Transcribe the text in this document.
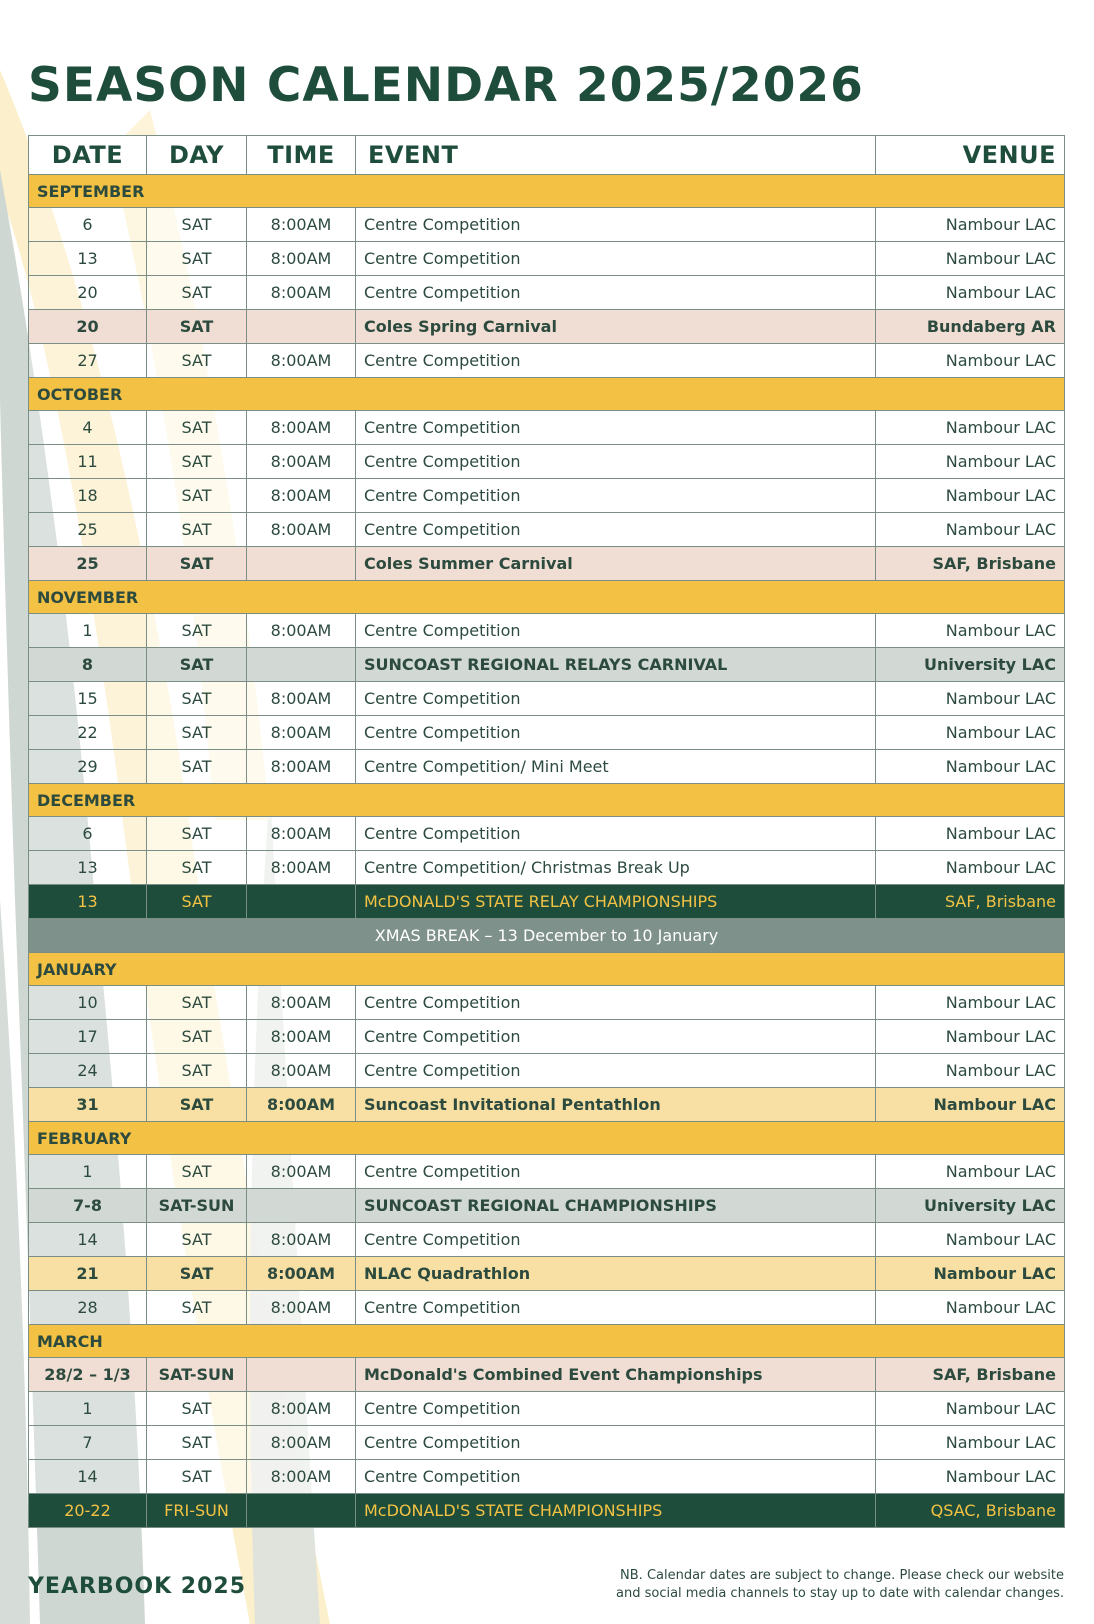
SEASON CALENDAR 2025/2026
DATE	DAY	TIME	EVENT	VENUE
SEPTEMBER				
6	SAT	8:00AM	Centre Competition	Nambour LAC
13	SAT	8:00AM	Centre Competition	Nambour LAC
20	SAT	8:00AM	Centre Competition	Nambour LAC
20	SAT		Coles Spring Carnival	Bundaberg AR
27	SAT	8:00AM	Centre Competition	Nambour LAC
OCTOBER				
4	SAT	8:00AM	Centre Competition	Nambour LAC
11	SAT	8:00AM	Centre Competition	Nambour LAC
18	SAT	8:00AM	Centre Competition	Nambour LAC
25	SAT	8:00AM	Centre Competition	Nambour LAC
25	SAT		Coles Summer Carnival	SAF, Brisbane
NOVEMBER				
1	SAT	8:00AM	Centre Competition	Nambour LAC
8	SAT		SUNCOAST REGIONAL RELAYS CARNIVAL	University LAC
15	SAT	8:00AM	Centre Competition	Nambour LAC
22	SAT	8:00AM	Centre Competition	Nambour LAC
29	SAT	8:00AM	Centre Competition/ Mini Meet	Nambour LAC
DECEMBER				
6	SAT	8:00AM	Centre Competition	Nambour LAC
13	SAT	8:00AM	Centre Competition/ Christmas Break Up	Nambour LAC
13	SAT		McDONALD'S STATE RELAY CHAMPIONSHIPS	SAF, Brisbane
XMAS BREAK – 13 December to 10 January				
JANUARY				
10	SAT	8:00AM	Centre Competition	Nambour LAC
17	SAT	8:00AM	Centre Competition	Nambour LAC
24	SAT	8:00AM	Centre Competition	Nambour LAC
31	SAT	8:00AM	Suncoast Invitational Pentathlon	Nambour LAC
FEBRUARY				
1	SAT	8:00AM	Centre Competition	Nambour LAC
7-8	SAT-SUN		SUNCOAST REGIONAL CHAMPIONSHIPS	University LAC
14	SAT	8:00AM	Centre Competition	Nambour LAC
21	SAT	8:00AM	NLAC Quadrathlon	Nambour LAC
28	SAT	8:00AM	Centre Competition	Nambour LAC
MARCH				
28/2 – 1/3	SAT-SUN		McDonald's Combined Event Championships	SAF, Brisbane
1	SAT	8:00AM	Centre Competition	Nambour LAC
7	SAT	8:00AM	Centre Competition	Nambour LAC
14	SAT	8:00AM	Centre Competition	Nambour LAC
20-22	FRI-SUN		McDONALD'S STATE CHAMPIONSHIPS	QSAC, Brisbane
YEARBOOK 2025	NB. Calendar dates are subject to change. Please check our website
and social media channels to stay up to date with calendar changes.
